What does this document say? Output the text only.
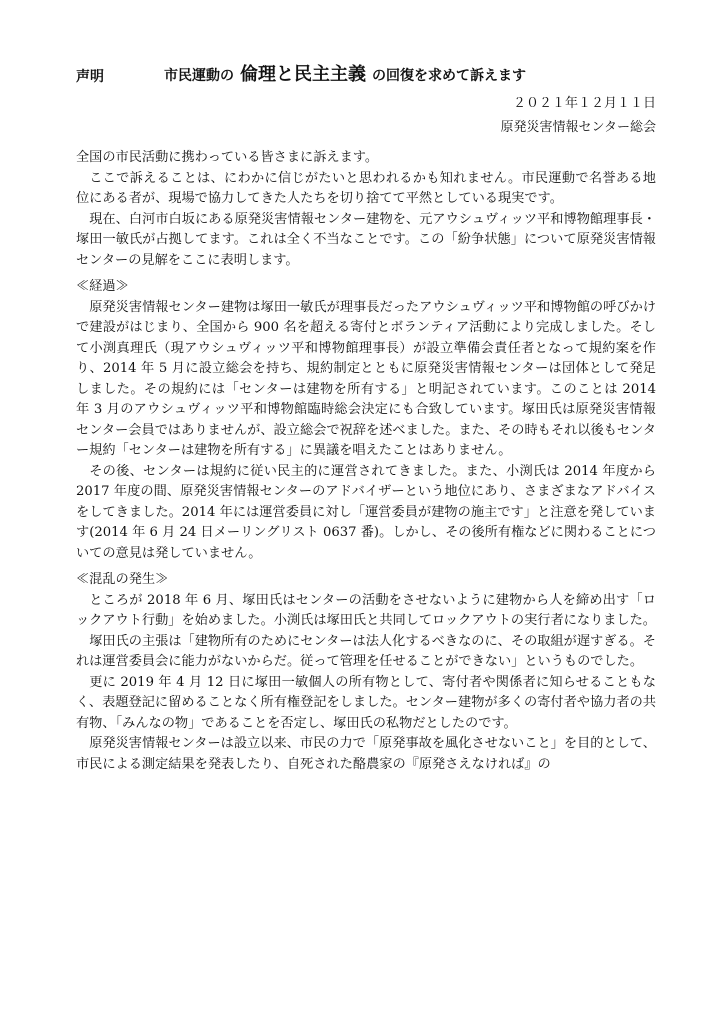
声明	市民運動の 倫理と民主主義 の回復を求めて訴えます
２０２１年１２月１１日
原発災害情報センター総会

全国の市民活動に携わっている皆さまに訴えます。

ここで訴えることは、にわかに信じがたいと思われるかも知れません。市民運動で名誉ある地位にある者が、現場で協力してきた人たちを切り捨てて平然としている現実です。

現在、白河市白坂にある原発災害情報センター建物を、元アウシュヴィッツ平和博物館理事長・塚田一敏氏が占拠してます。これは全く不当なことです。この「紛争状態」について原発災害情報センターの見解をここに表明します。

≪経過≫

原発災害情報センター建物は塚田一敏氏が理事長だったアウシュヴィッツ平和博物館の呼びかけで建設がはじまり、全国から 900 名を超える寄付とボランティア活動により完成しました。そして小渕真理氏（現アウシュヴィッツ平和博物館理事長）が設立準備会責任者となって規約案を作り、2014 年 5 月に設立総会を持ち、規約制定とともに原発災害情報センターは団体として発足しました。その規約には「センターは建物を所有する」と明記されています。このことは 2014 年 3 月のアウシュヴィッツ平和博物館臨時総会決定にも合致しています。塚田氏は原発災害情報センター会員ではありませんが、設立総会で祝辞を述べました。また、その時もそれ以後もセンター規約「センターは建物を所有する」に異議を唱えたことはありません。

その後、センターは規約に従い民主的に運営されてきました。また、小渕氏は 2014 年度から 2017 年度の間、原発災害情報センターのアドバイザーという地位にあり、さまざまなアドバイスをしてきました。2014 年には運営委員に対し「運営委員が建物の施主です」と注意を発しています(2014 年 6 月 24 日メーリングリスト 0637 番)。しかし、その後所有権などに関わることについての意見は発していません。

≪混乱の発生≫

ところが 2018 年 6 月、塚田氏はセンターの活動をさせないように建物から人を締め出す「ロックアウト行動」を始めました。小渕氏は塚田氏と共同してロックアウトの実行者になりました。

塚田氏の主張は「建物所有のためにセンターは法人化するべきなのに、その取組が遅すぎる。それは運営委員会に能力がないからだ。従って管理を任せることができない」というものでした。

更に 2019 年 4 月 12 日に塚田一敏個人の所有物として、寄付者や関係者に知らせることもなく、表題登記に留めることなく所有権登記をしました。センター建物が多くの寄付者や協力者の共有物、「みんなの物」であることを否定し、塚田氏の私物だとしたのです。

原発災害情報センターは設立以来、市民の力で「原発事故を風化させないこと」を目的として、市民による測定結果を発表したり、自死された酪農家の『原発さえなければ』の
